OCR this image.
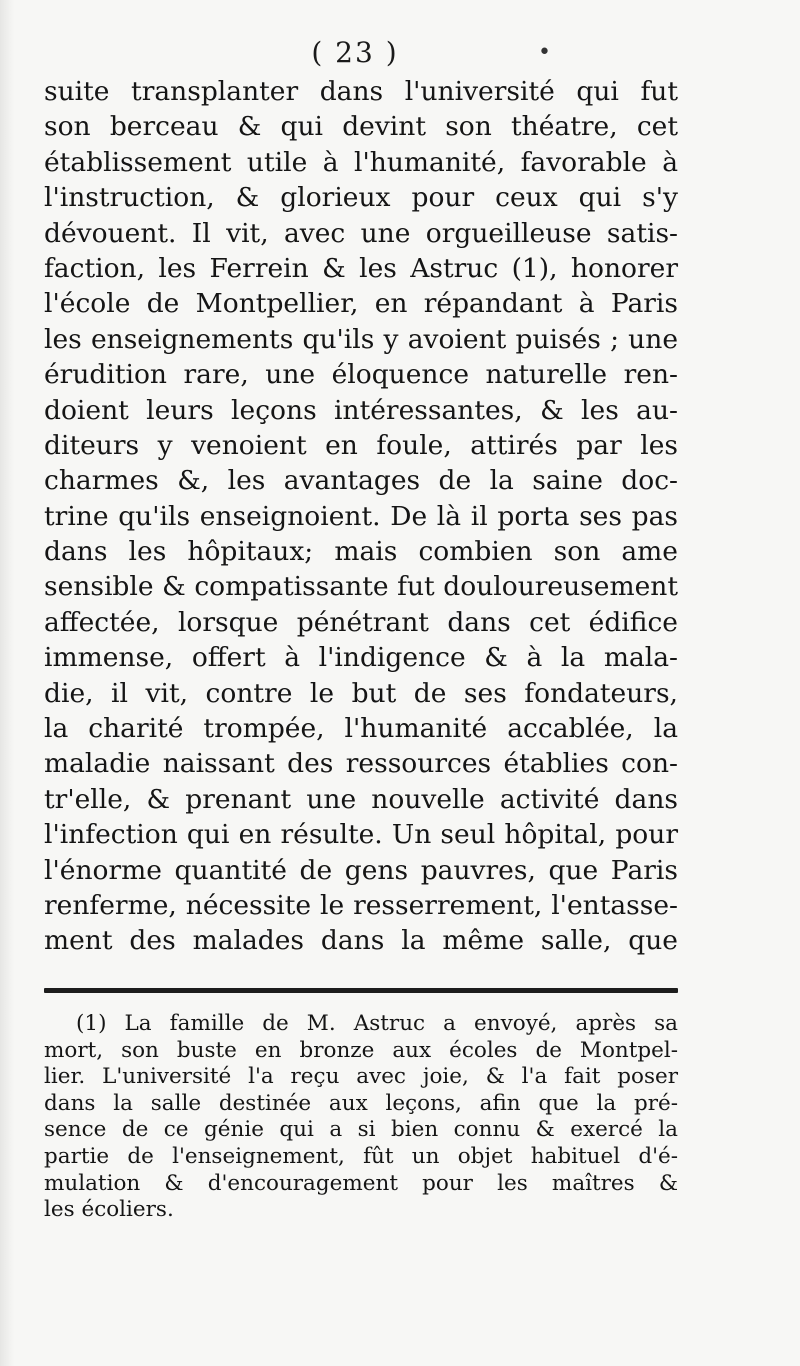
( 23 )	•
suite transplanter dans l'université qui fut
son berceau & qui devint son théatre, cet
établissement utile à l'humanité, favorable à
l'instruction, & glorieux pour ceux qui s'y
dévouent. Il vit, avec une orgueilleuse satis-
faction, les Ferrein & les Astruc (1), honorer
l'école de Montpellier, en répandant à Paris
les enseignements qu'ils y avoient puisés ; une
érudition rare, une éloquence naturelle ren-
doient leurs leçons intéressantes, & les au-
diteurs y venoient en foule, attirés par les
charmes &, les avantages de la saine doc-
trine qu'ils enseignoient. De là il porta ses pas
dans les hôpitaux; mais combien son ame
sensible & compatissante fut douloureusement
affectée, lorsque pénétrant dans cet édifice
immense, offert à l'indigence & à la mala-
die, il vit, contre le but de ses fondateurs,
la charité trompée, l'humanité accablée, la
maladie naissant des ressources établies con-
tr'elle, & prenant une nouvelle activité dans
l'infection qui en résulte. Un seul hôpital, pour
l'énorme quantité de gens pauvres, que Paris
renferme, nécessite le resserrement, l'entasse-
ment des malades dans la même salle, que
(1) La famille de M. Astruc a envoyé, après sa
mort, son buste en bronze aux écoles de Montpel-
lier. L'université l'a reçu avec joie, & l'a fait poser
dans la salle destinée aux leçons, afin que la pré-
sence de ce génie qui a si bien connu & exercé la
partie de l'enseignement, fût un objet habituel d'é-
mulation & d'encouragement pour les maîtres &
les écoliers.
